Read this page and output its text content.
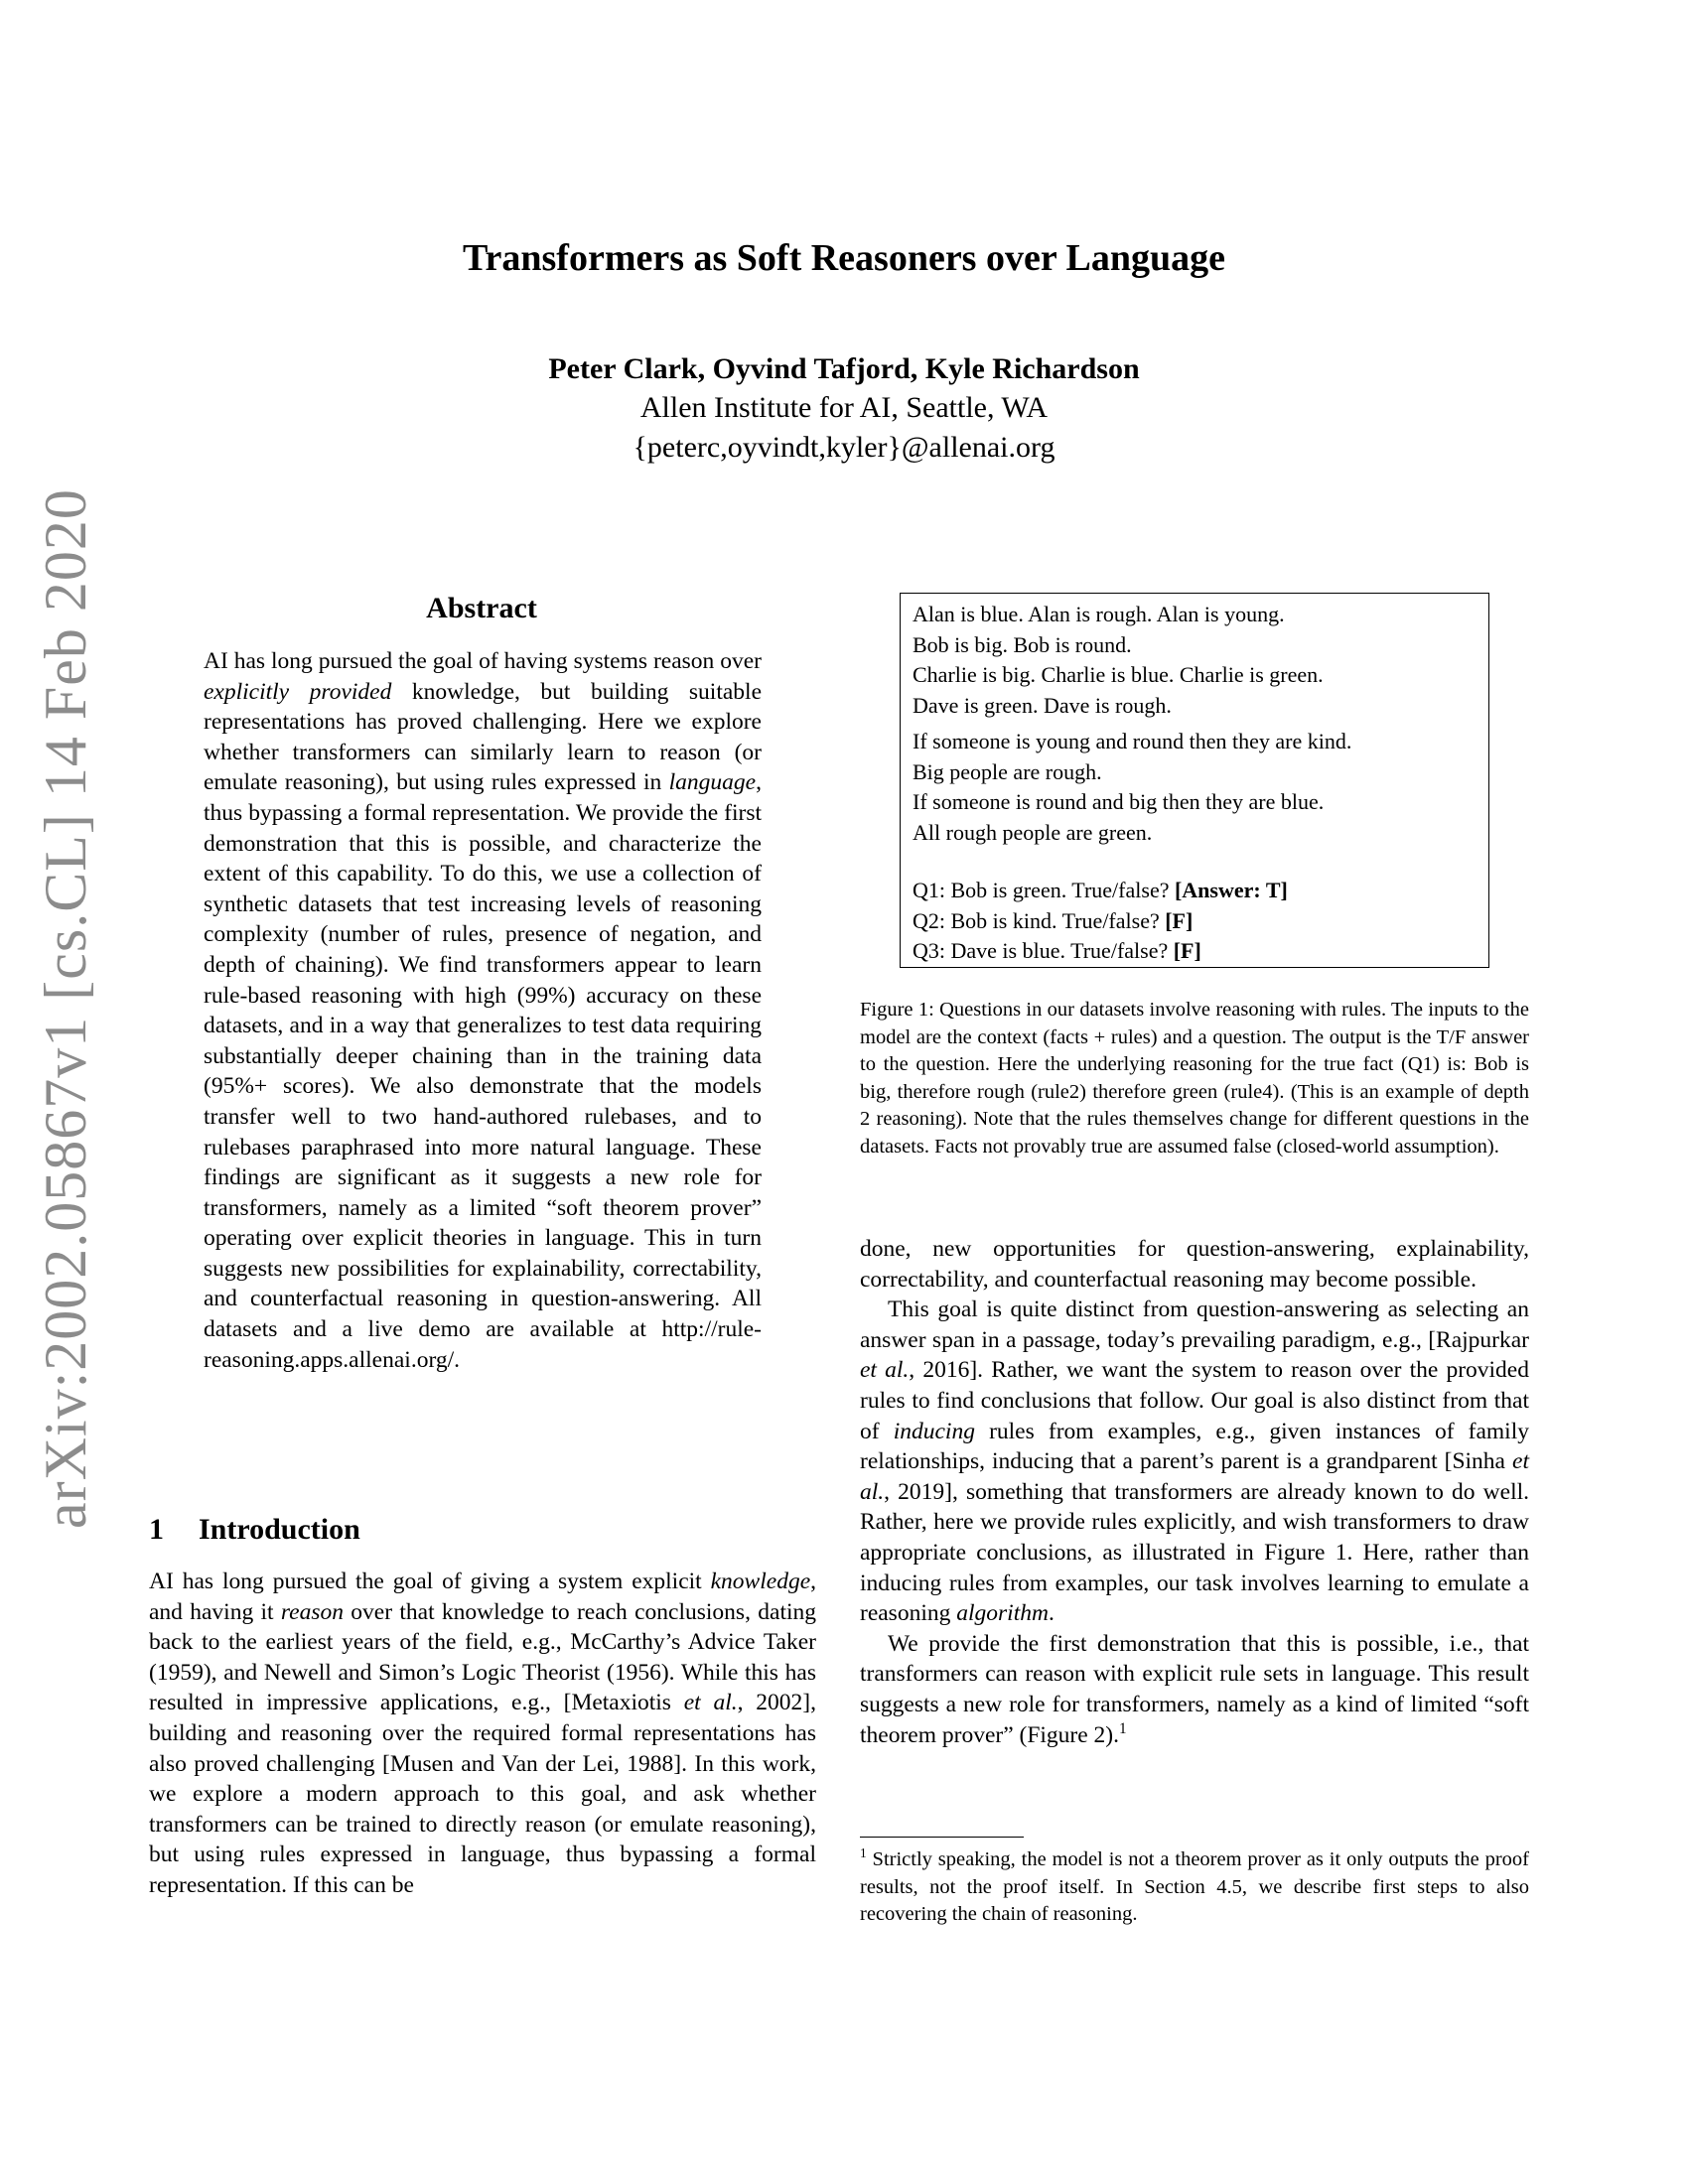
arXiv:2002.05867v1 [cs.CL] 14 Feb 2020
Transformers as Soft Reasoners over Language
Peter Clark, Oyvind Tafjord, Kyle Richardson
Allen Institute for AI, Seattle, WA
{peterc,oyvindt,kyler}@allenai.org
Abstract
AI has long pursued the goal of having systems reason over explicitly provided knowledge, but building suitable representations has proved challenging. Here we explore whether transformers can similarly learn to reason (or emulate reasoning), but using rules expressed in language, thus bypassing a formal representation. We provide the first demonstration that this is possible, and characterize the extent of this capability. To do this, we use a collection of synthetic datasets that test increasing levels of reasoning complexity (number of rules, presence of negation, and depth of chaining). We find transformers appear to learn rule-based reasoning with high (99%) accuracy on these datasets, and in a way that generalizes to test data requiring substantially deeper chaining than in the training data (95%+ scores). We also demonstrate that the models transfer well to two hand-authored rulebases, and to rulebases paraphrased into more natural language. These findings are significant as it suggests a new role for transformers, namely as a limited “soft theorem prover” operating over explicit theories in language. This in turn suggests new possibilities for explainability, correctability, and counterfactual reasoning in question-answering. All datasets and a live demo are available at http://rule-reasoning.apps.allenai.org/.
1 Introduction
AI has long pursued the goal of giving a system explicit knowledge, and having it reason over that knowledge to reach conclusions, dating back to the earliest years of the field, e.g., McCarthy’s Advice Taker (1959), and Newell and Simon’s Logic Theorist (1956). While this has resulted in impressive applications, e.g., [Metaxiotis et al., 2002], building and reasoning over the required formal representations has also proved challenging [Musen and Van der Lei, 1988]. In this work, we explore a modern approach to this goal, and ask whether transformers can be trained to directly reason (or emulate reasoning), but using rules expressed in language, thus bypassing a formal representation. If this can be
Alan is blue. Alan is rough. Alan is young.
Bob is big. Bob is round.
Charlie is big. Charlie is blue. Charlie is green.
Dave is green. Dave is rough.
If someone is young and round then they are kind.
Big people are rough.
If someone is round and big then they are blue.
All rough people are green.
Q1: Bob is green. True/false? [Answer: T]
Q2: Bob is kind. True/false? [F]
Q3: Dave is blue. True/false? [F]
Figure 1: Questions in our datasets involve reasoning with rules. The inputs to the model are the context (facts + rules) and a question. The output is the T/F answer to the question. Here the underlying reasoning for the true fact (Q1) is: Bob is big, therefore rough (rule2) therefore green (rule4). (This is an example of depth 2 reasoning). Note that the rules themselves change for different questions in the datasets. Facts not provably true are assumed false (closed-world assumption).

done, new opportunities for question-answering, explainability, correctability, and counterfactual reasoning may become possible.

This goal is quite distinct from question-answering as selecting an answer span in a passage, today’s prevailing paradigm, e.g., [Rajpurkar et al., 2016]. Rather, we want the system to reason over the provided rules to find conclusions that follow. Our goal is also distinct from that of inducing rules from examples, e.g., given instances of family relationships, inducing that a parent’s parent is a grandparent [Sinha et al., 2019], something that transformers are already known to do well. Rather, here we provide rules explicitly, and wish transformers to draw appropriate conclusions, as illustrated in Figure 1. Here, rather than inducing rules from examples, our task involves learning to emulate a reasoning algorithm.

We provide the first demonstration that this is possible, i.e., that transformers can reason with explicit rule sets in language. This result suggests a new role for transformers, namely as a kind of limited “soft theorem prover” (Figure 2).$^1$

$^1$ Strictly speaking, the model is not a theorem prover as it only outputs the proof results, not the proof itself. In Section 4.5, we describe first steps to also recovering the chain of reasoning.
